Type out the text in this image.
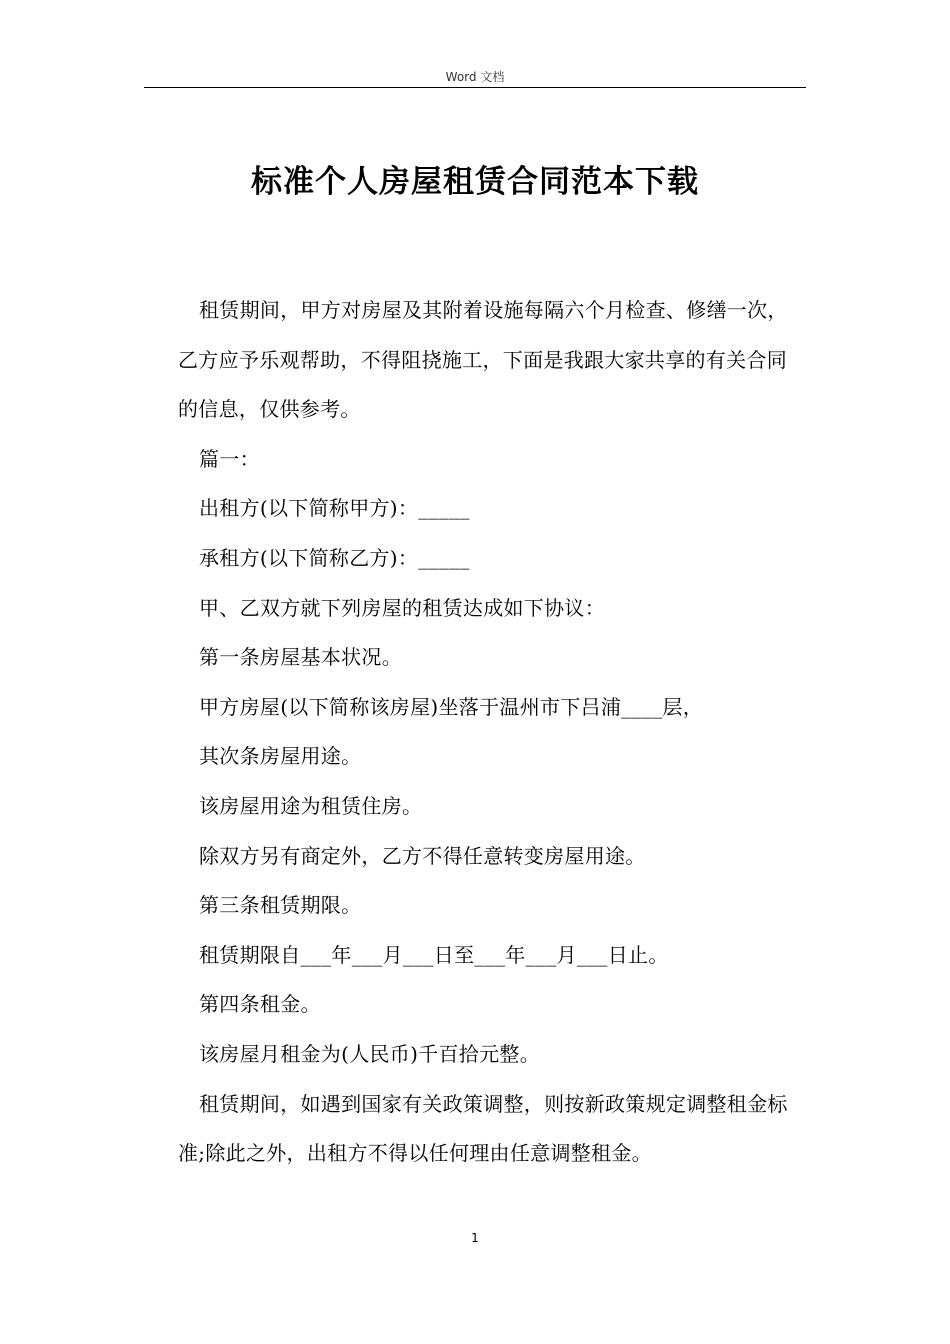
Word 文档
标准个人房屋租赁合同范本下载

租赁期间，甲方对房屋及其附着设施每隔六个月检查、修缮一次，乙方应予乐观帮助，不得阻挠施工，下面是我跟大家共享的有关合同的信息，仅供参考。

篇一：

出租方(以下简称甲方)：_____

承租方(以下简称乙方)：_____

甲、乙双方就下列房屋的租赁达成如下协议：

第一条房屋基本状况。

甲方房屋(以下简称该房屋)坐落于温州市下吕浦____层，

其次条房屋用途。

该房屋用途为租赁住房。

除双方另有商定外，乙方不得任意转变房屋用途。

第三条租赁期限。

租赁期限自___年___月___日至___年___月___日止。

第四条租金。

该房屋月租金为(人民币)千百拾元整。

租赁期间，如遇到国家有关政策调整，则按新政策规定调整租金标准;除此之外，出租方不得以任何理由任意调整租金。

1
